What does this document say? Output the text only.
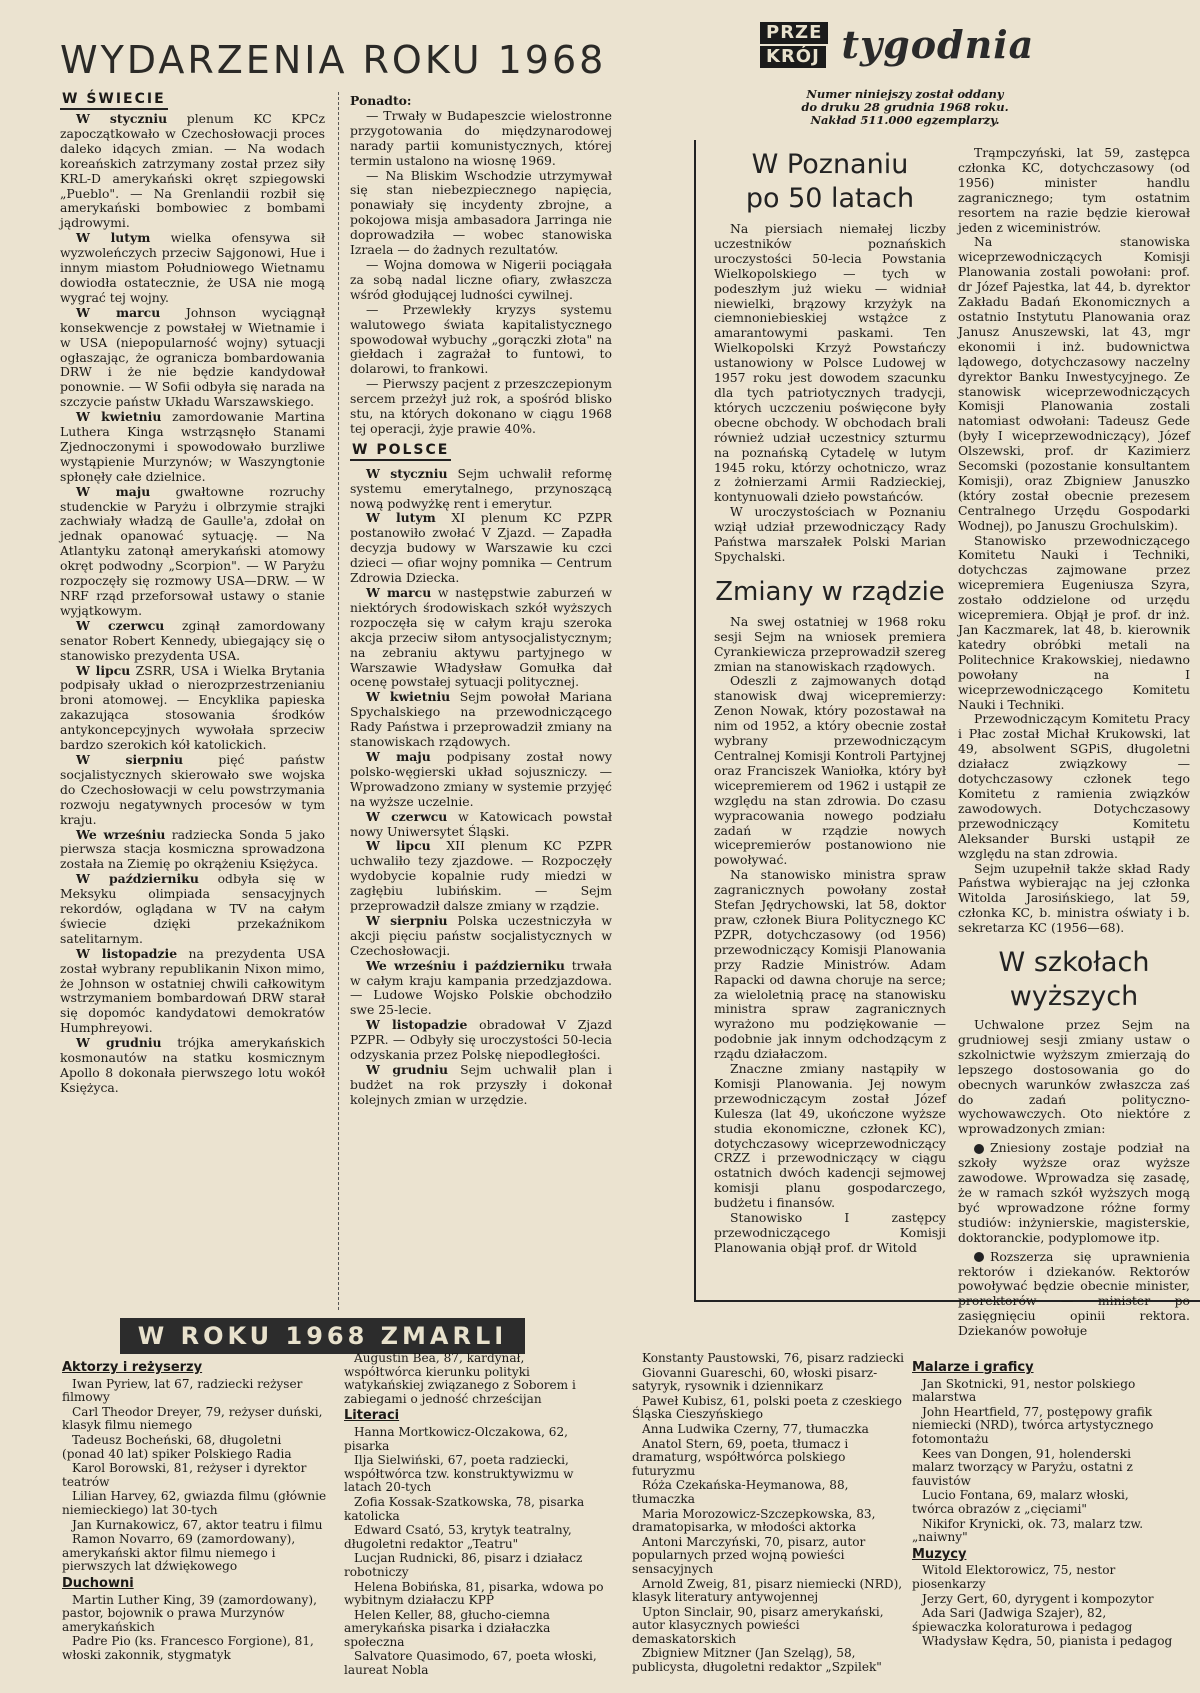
WYDARZENIA ROKU 1968
W ŚWIECIE

W styczniu plenum KC KPCz zapoczątkowało w Czechosłowacji proces daleko idących zmian. — Na wodach koreańskich zatrzymany został przez siły KRL-D amerykański okręt szpiegowski „Pueblo". — Na Grenlandii rozbił się amerykański bombowiec z bombami jądrowymi.

W lutym wielka ofensywa sił wyzwoleńczych przeciw Sajgonowi, Hue i innym miastom Południowego Wietnamu dowiodła ostatecznie, że USA nie mogą wygrać tej wojny.

W marcu Johnson wyciągnął konsekwencje z powstałej w Wietnamie i w USA (niepopularność wojny) sytuacji ogłaszając, że ogranicza bombardowania DRW i że nie będzie kandydował ponownie. — W Sofii odbyła się narada na szczycie państw Układu Warszawskiego.

W kwietniu zamordowanie Martina Luthera Kinga wstrząsnęło Stanami Zjednoczonymi i spowodowało burzliwe wystąpienie Murzynów; w Waszyngtonie spłonęły całe dzielnice.

W maju gwałtowne rozruchy studenckie w Paryżu i olbrzymie strajki zachwiały władzą de Gaulle'a, zdołał on jednak opanować sytuację. — Na Atlantyku zatonął amerykański atomowy okręt podwodny „Scorpion". — W Paryżu rozpoczęły się rozmowy USA—DRW. — W NRF rząd przeforsował ustawy o stanie wyjątkowym.

W czerwcu zginął zamordowany senator Robert Kennedy, ubiegający się o stanowisko prezydenta USA.

W lipcu ZSRR, USA i Wielka Brytania podpisały układ o nierozprzestrzenianiu broni atomowej. — Encyklika papieska zakazująca stosowania środków antykoncepcyjnych wywołała sprzeciw bardzo szerokich kół katolickich.

W sierpniu pięć państw socjalistycznych skierowało swe wojska do Czechosłowacji w celu powstrzymania rozwoju negatywnych procesów w tym kraju.

We wrześniu radziecka Sonda 5 jako pierwsza stacja kosmiczna sprowadzona została na Ziemię po okrążeniu Księżyca.

W październiku odbyła się w Meksyku olimpiada sensacyjnych rekordów, oglądana w TV na całym świecie dzięki przekaźnikom satelitarnym.

W listopadzie na prezydenta USA został wybrany republikanin Nixon mimo, że Johnson w ostatniej chwili całkowitym wstrzymaniem bombardowań DRW starał się dopomóc kandydatowi demokratów Humphreyowi.

W grudniu trójka amerykańskich kosmonautów na statku kosmicznym Apollo 8 dokonała pierwszego lotu wokół Księżyca.

Ponadto:

— Trwały w Budapeszcie wielostronne przygotowania do międzynarodowej narady partii komunistycznych, której termin ustalono na wiosnę 1969.

— Na Bliskim Wschodzie utrzymywał się stan niebezpiecznego napięcia, ponawiały się incydenty zbrojne, a pokojowa misja ambasadora Jarringa nie doprowadziła — wobec stanowiska Izraela — do żadnych rezultatów.

— Wojna domowa w Nigerii pociągała za sobą nadal liczne ofiary, zwłaszcza wśród głodującej ludności cywilnej.

— Przewlekły kryzys systemu walutowego świata kapitalistycznego spowodował wybuchy „gorączki złota" na giełdach i zagrażał to funtowi, to dolarowi, to frankowi.

— Pierwszy pacjent z przeszczepionym sercem przeżył już rok, a spośród blisko stu, na których dokonano w ciągu 1968 tej operacji, żyje prawie 40%.

W POLSCE

W styczniu Sejm uchwalił reformę systemu emerytalnego, przynoszącą nową podwyżkę rent i emerytur.

W lutym XI plenum KC PZPR postanowiło zwołać V Zjazd. — Zapadła decyzja budowy w Warszawie ku czci dzieci — ofiar wojny pomnika — Centrum Zdrowia Dziecka.

W marcu w następstwie zaburzeń w niektórych środowiskach szkół wyższych rozpoczęła się w całym kraju szeroka akcja przeciw siłom antysocjalistycznym; na zebraniu aktywu partyjnego w Warszawie Władysław Gomułka dał ocenę powstałej sytuacji politycznej.

W kwietniu Sejm powołał Mariana Spychalskiego na przewodniczącego Rady Państwa i przeprowadził zmiany na stanowiskach rządowych.

W maju podpisany został nowy polsko-węgierski układ sojuszniczy. — Wprowadzono zmiany w systemie przyjęć na wyższe uczelnie.

W czerwcu w Katowicach powstał nowy Uniwersytet Śląski.

W lipcu XII plenum KC PZPR uchwaliło tezy zjazdowe. — Rozpoczęły wydobycie kopalnie rudy miedzi w zagłębiu lubińskim. — Sejm przeprowadził dalsze zmiany w rządzie.

W sierpniu Polska uczestniczyła w akcji pięciu państw socjalistycznych w Czechosłowacji.

We wrześniu i październiku trwała w całym kraju kampania przedzjazdowa. — Ludowe Wojsko Polskie obchodziło swe 25-lecie.

W listopadzie obradował V Zjazd PZPR. — Odbyły się uroczystości 50-lecia odzyskania przez Polskę niepodległości.

W grudniu Sejm uchwalił plan i budżet na rok przyszły i dokonał kolejnych zmian w urzędzie.

PRZE
KRÓJ tygodnia
Numer niniejszy został oddany do druku 28 grudnia 1968 roku. Nakład 511.000 egzemplarzy.
W Poznaniu
po 50 latach

Na piersiach niemałej liczby uczestników poznańskich uroczystości 50-lecia Powstania Wielkopolskiego — tych w podeszłym już wieku — widniał niewielki, brązowy krzyżyk na ciemnoniebieskiej wstążce z amarantowymi paskami. Ten Wielkopolski Krzyż Powstańczy ustanowiony w Polsce Ludowej w 1957 roku jest dowodem szacunku dla tych patriotycznych tradycji, których uczczeniu poświęcone były obecne obchody. W obchodach brali również udział uczestnicy szturmu na poznańską Cytadelę w lutym 1945 roku, którzy ochotniczo, wraz z żołnierzami Armii Radzieckiej, kontynuowali dzieło powstańców.

W uroczystościach w Poznaniu wziął udział przewodniczący Rady Państwa marszałek Polski Marian Spychalski.

Zmiany w rządzie

Na swej ostatniej w 1968 roku sesji Sejm na wniosek premiera Cyrankiewicza przeprowadził szereg zmian na stanowiskach rządowych.

Odeszli z zajmowanych dotąd stanowisk dwaj wicepremierzy: Zenon Nowak, który pozostawał na nim od 1952, a który obecnie został wybrany przewodniczącym Centralnej Komisji Kontroli Partyjnej oraz Franciszek Waniołka, który był wicepremierem od 1962 i ustąpił ze względu na stan zdrowia. Do czasu wypracowania nowego podziału zadań w rządzie nowych wicepremierów postanowiono nie powoływać.

Na stanowisko ministra spraw zagranicznych powołany został Stefan Jędrychowski, lat 58, doktor praw, członek Biura Politycznego KC PZPR, dotychczasowy (od 1956) przewodniczący Komisji Planowania przy Radzie Ministrów. Adam Rapacki od dawna choruje na serce; za wieloletnią pracę na stanowisku ministra spraw zagranicznych wyrażono mu podziękowanie — podobnie jak innym odchodzącym z rządu działaczom.

Znaczne zmiany nastąpiły w Komisji Planowania. Jej nowym przewodniczącym został Józef Kulesza (lat 49, ukończone wyższe studia ekonomiczne, członek KC), dotychczasowy wiceprzewodniczący CRZZ i przewodniczący w ciągu ostatnich dwóch kadencji sejmowej komisji planu gospodarczego, budżetu i finansów.

Stanowisko I zastępcy przewodniczącego Komisji Planowania objął prof. dr Witold

Trąmpczyński, lat 59, zastępca członka KC, dotychczasowy (od 1956) minister handlu zagranicznego; tym ostatnim resortem na razie będzie kierował jeden z wiceministrów.

Na stanowiska wiceprzewodniczących Komisji Planowania zostali powołani: prof. dr Józef Pajestka, lat 44, b. dyrektor Zakładu Badań Ekonomicznych a ostatnio Instytutu Planowania oraz Janusz Anuszewski, lat 43, mgr ekonomii i inż. budownictwa lądowego, dotychczasowy naczelny dyrektor Banku Inwestycyjnego. Ze stanowisk wiceprzewodniczących Komisji Planowania zostali natomiast odwołani: Tadeusz Gede (były I wiceprzewodniczący), Józef Olszewski, prof. dr Kazimierz Secomski (pozostanie konsultantem Komisji), oraz Zbigniew Januszko (który został obecnie prezesem Centralnego Urzędu Gospodarki Wodnej), po Januszu Grochulskim).

Stanowisko przewodniczącego Komitetu Nauki i Techniki, dotychczas zajmowane przez wicepremiera Eugeniusza Szyra, zostało oddzielone od urzędu wicepremiera. Objął je prof. dr inż. Jan Kaczmarek, lat 48, b. kierownik katedry obróbki metali na Politechnice Krakowskiej, niedawno powołany na I wiceprzewodniczącego Komitetu Nauki i Techniki.

Przewodniczącym Komitetu Pracy i Płac został Michał Krukowski, lat 49, absolwent SGPiS, długoletni działacz związkowy — dotychczasowy członek tego Komitetu z ramienia związków zawodowych. Dotychczasowy przewodniczący Komitetu Aleksander Burski ustąpił ze względu na stan zdrowia.

Sejm uzupełnił także skład Rady Państwa wybierając na jej członka Witolda Jarosińskiego, lat 59, członka KC, b. ministra oświaty i b. sekretarza KC (1956—68).

W szkołach
wyższych

Uchwalone przez Sejm na grudniowej sesji zmiany ustaw o szkolnictwie wyższym zmierzają do lepszego dostosowania go do obecnych warunków zwłaszcza zaś do zadań polityczno-wychowawczych. Oto niektóre z wprowadzonych zmian:

Zniesiony zostaje podział na szkoły wyższe oraz wyższe zawodowe. Wprowadza się zasadę, że w ramach szkół wyższych mogą być wprowadzone różne formy studiów: inżynierskie, magisterskie, doktoranckie, podyplomowe itp.

Rozszerza się uprawnienia rektorów i dziekanów. Rektorów powoływać będzie obecnie minister, prorektorów — minister po zasięgnięciu opinii rektora. Dziekanów powołuje

W ROKU 1968 ZMARLI
Aktorzy i reżyserzy

Iwan Pyriew, lat 67, radziecki reżyser filmowy

Carl Theodor Dreyer, 79, reżyser duński, klasyk filmu niemego

Tadeusz Bocheński, 68, długoletni (ponad 40 lat) spiker Polskiego Radia

Karol Borowski, 81, reżyser i dyrektor teatrów

Lilian Harvey, 62, gwiazda filmu (głównie niemieckiego) lat 30-tych

Jan Kurnakowicz, 67, aktor teatru i filmu

Ramon Novarro, 69 (zamordowany), amerykański aktor filmu niemego i pierwszych lat dźwiękowego

Duchowni

Martin Luther King, 39 (zamordowany), pastor, bojownik o prawa Murzynów amerykańskich

Padre Pio (ks. Francesco Forgione), 81, włoski zakonnik, stygmatyk

Augustin Bea, 87, kardynał, współtwórca kierunku polityki watykańskiej związanego z Soborem i zabiegami o jedność chrześcijan

Literaci

Hanna Mortkowicz-Olczakowa, 62, pisarka

Ilja Sielwiński, 67, poeta radziecki, współtwórca tzw. konstruktywizmu w latach 20-tych

Zofia Kossak-Szatkowska, 78, pisarka katolicka

Edward Csató, 53, krytyk teatralny, długoletni redaktor „Teatru"

Lucjan Rudnicki, 86, pisarz i działacz robotniczy

Helena Bobińska, 81, pisarka, wdowa po wybitnym działaczu KPP

Helen Keller, 88, głucho-ciemna amerykańska pisarka i działaczka społeczna

Salvatore Quasimodo, 67, poeta włoski, laureat Nobla

Konstanty Paustowski, 76, pisarz radziecki

Giovanni Guareschi, 60, włoski pisarz-satyryk, rysownik i dziennikarz

Paweł Kubisz, 61, polski poeta z czeskiego Śląska Cieszyńskiego

Anna Ludwika Czerny, 77, tłumaczka

Anatol Stern, 69, poeta, tłumacz i dramaturg, współtwórca polskiego futuryzmu

Róża Czekańska-Heymanowa, 88, tłumaczka

Maria Morozowicz-Szczepkowska, 83, dramatopisarka, w młodości aktorka

Antoni Marczyński, 70, pisarz, autor popularnych przed wojną powieści sensacyjnych

Arnold Zweig, 81, pisarz niemiecki (NRD), klasyk literatury antywojennej

Upton Sinclair, 90, pisarz amerykański, autor klasycznych powieści demaskatorskich

Zbigniew Mitzner (Jan Szeląg), 58, publicysta, długoletni redaktor „Szpilek"

Malarze i graficy

Jan Skotnicki, 91, nestor polskiego malarstwa

John Heartfield, 77, postępowy grafik niemiecki (NRD), twórca artystycznego fotomontażu

Kees van Dongen, 91, holenderski malarz tworzący w Paryżu, ostatni z fauvistów

Lucio Fontana, 69, malarz włoski, twórca obrazów z „cięciami"

Nikifor Krynicki, ok. 73, malarz tzw. „naiwny"

Muzycy

Witold Elektorowicz, 75, nestor piosenkarzy

Jerzy Gert, 60, dyrygent i kompozytor

Ada Sari (Jadwiga Szajer), 82, śpiewaczka koloraturowa i pedagog

Władysław Kędra, 50, pianista i pedagog
